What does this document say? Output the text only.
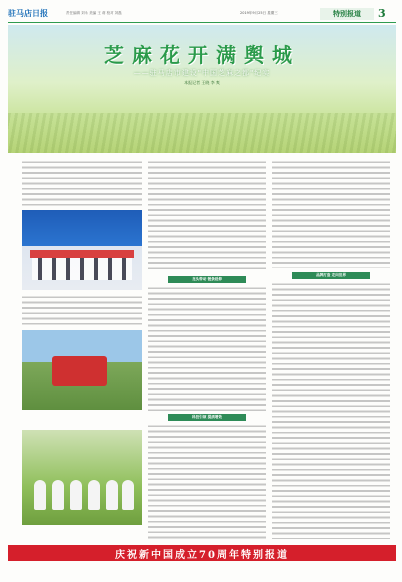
驻马店日报	责任编辑 刘永 美编 王 莉 校对 刘磊	2019年9月25日 星期三	特别报道	3
芝麻花开满舆城
——驻马店市建设"中国芝麻之都"纪实
本报记者 王晓 李 爽
龙头带动 链条延伸
科技引领 提质增效
品牌打造 走向世界
庆祝新中国成立70周年特别报道
